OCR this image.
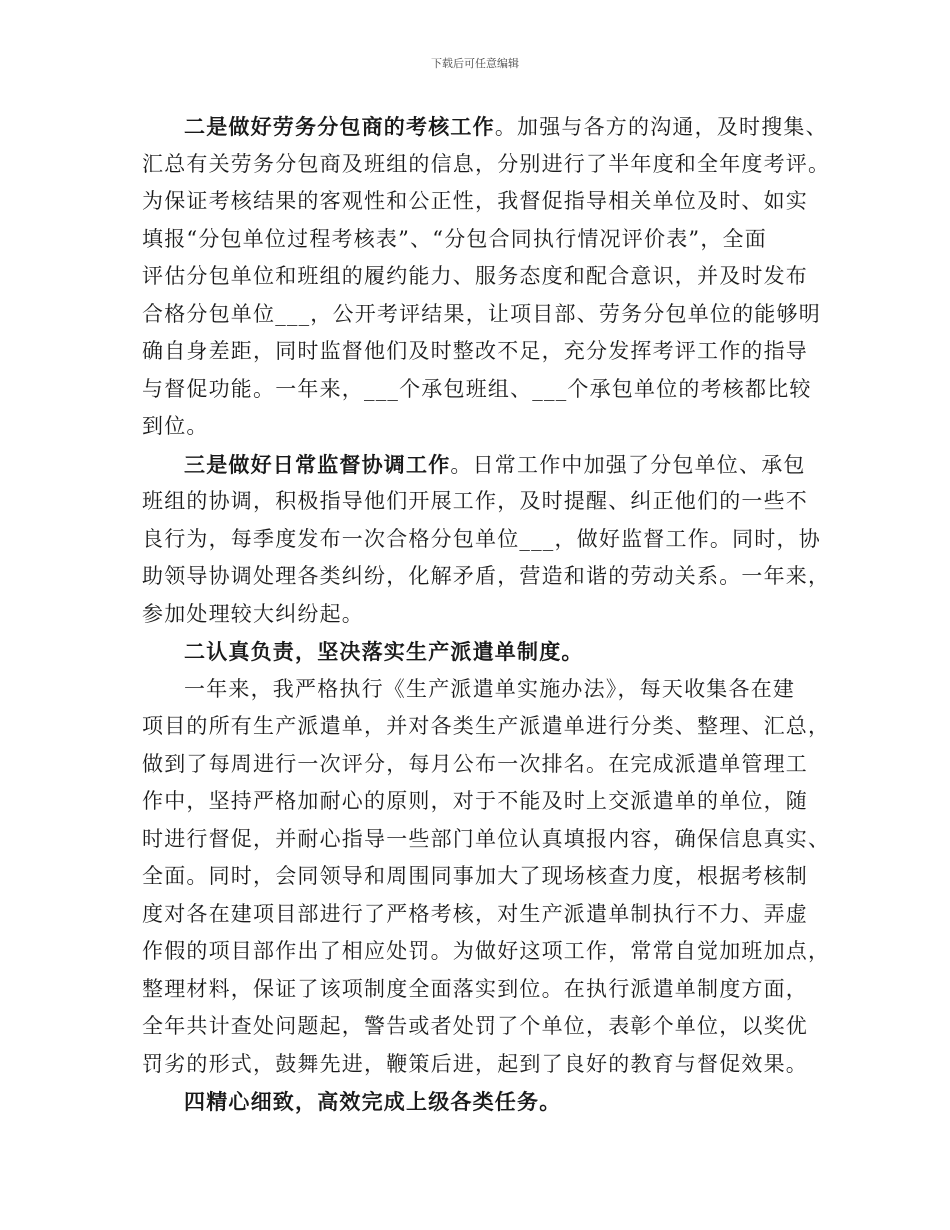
下载后可任意编辑
二是做好劳务分包商的考核工作。加强与各方的沟通，及时搜集、
汇总有关劳务分包商及班组的信息，分别进行了半年度和全年度考评。
为保证考核结果的客观性和公正性，我督促指导相关单位及时、如实
填报“分包单位过程考核表”、“分包合同执行情况评价表”，全面
评估分包单位和班组的履约能力、服务态度和配合意识，并及时发布
合格分包单位___，公开考评结果，让项目部、劳务分包单位的能够明
确自身差距，同时监督他们及时整改不足，充分发挥考评工作的指导
与督促功能。一年来，___个承包班组、___个承包单位的考核都比较
到位。
三是做好日常监督协调工作。日常工作中加强了分包单位、承包
班组的协调，积极指导他们开展工作，及时提醒、纠正他们的一些不
良行为，每季度发布一次合格分包单位___，做好监督工作。同时，协
助领导协调处理各类纠纷，化解矛盾，营造和谐的劳动关系。一年来，
参加处理较大纠纷起。
二认真负责，坚决落实生产派遣单制度。
一年来，我严格执行《生产派遣单实施办法》，每天收集各在建
项目的所有生产派遣单，并对各类生产派遣单进行分类、整理、汇总，
做到了每周进行一次评分，每月公布一次排名。在完成派遣单管理工
作中，坚持严格加耐心的原则，对于不能及时上交派遣单的单位，随
时进行督促，并耐心指导一些部门单位认真填报内容，确保信息真实、
全面。同时，会同领导和周围同事加大了现场核查力度，根据考核制
度对各在建项目部进行了严格考核，对生产派遣单制执行不力、弄虚
作假的项目部作出了相应处罚。为做好这项工作，常常自觉加班加点，
整理材料，保证了该项制度全面落实到位。在执行派遣单制度方面，
全年共计查处问题起，警告或者处罚了个单位，表彰个单位，以奖优
罚劣的形式，鼓舞先进，鞭策后进，起到了良好的教育与督促效果。
四精心细致，高效完成上级各类任务。
